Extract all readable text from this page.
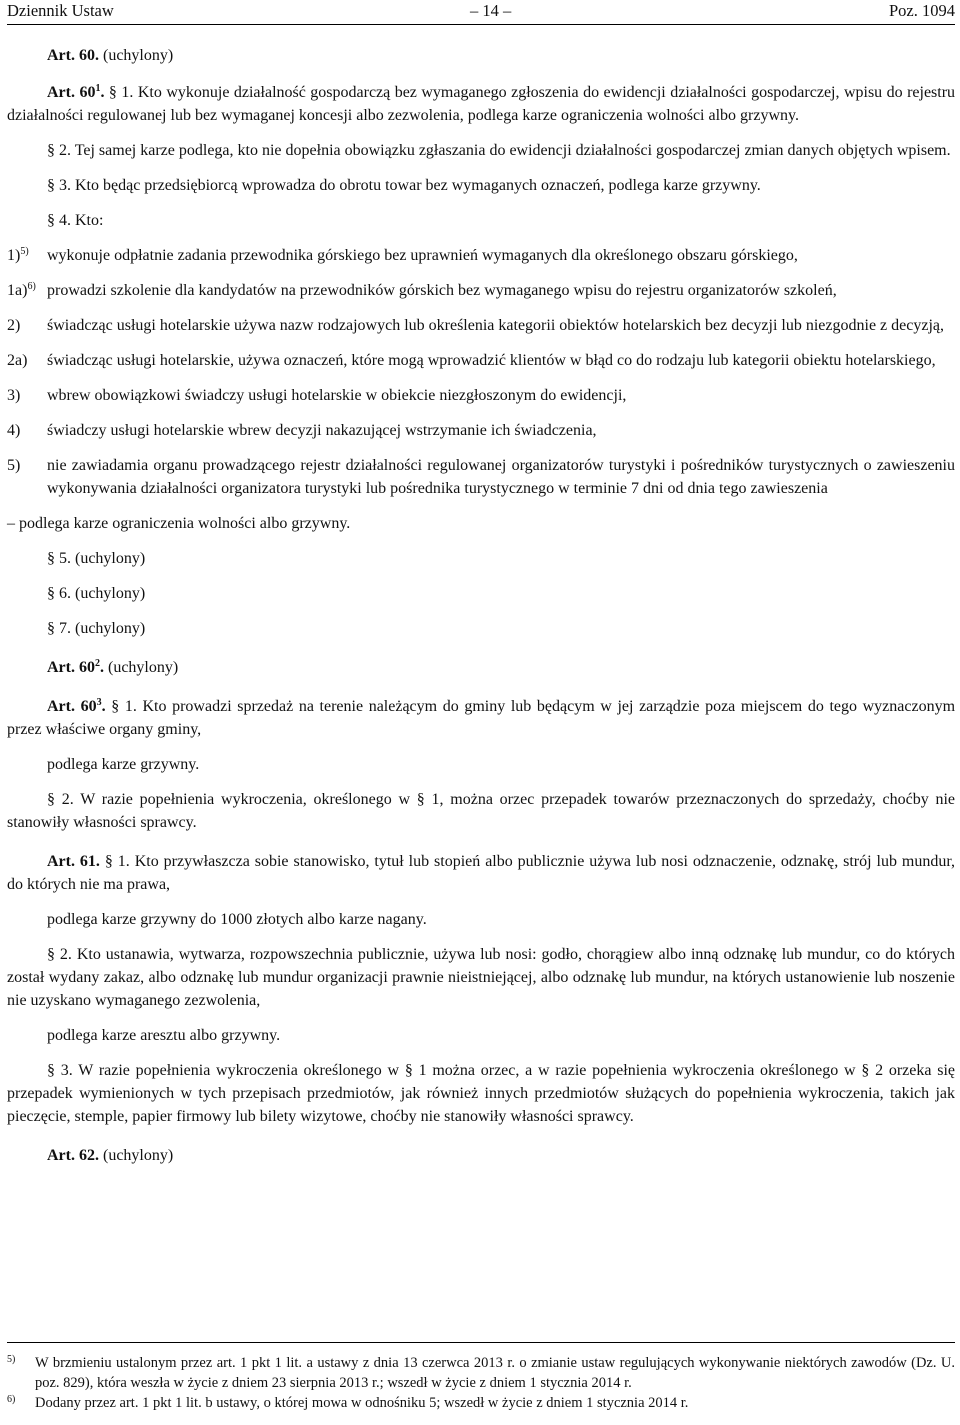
Dziennik Ustaw	– 14 –	Poz. 1094

Art. 60. (uchylony)

Art. $60^1$. § 1. Kto wykonuje działalność gospodarczą bez wymaganego zgłoszenia do ewidencji działalności gospodarczej, wpisu do rejestru działalności regulowanej lub bez wymaganej koncesji albo zezwolenia, podlega karze ograniczenia wolności albo grzywny.

§ 2. Tej samej karze podlega, kto nie dopełnia obowiązku zgłaszania do ewidencji działalności gospodarczej zmian danych objętych wpisem.

§ 3. Kto będąc przedsiębiorcą wprowadza do obrotu towar bez wymaganych oznaczeń, podlega karze grzywny.

§ 4. Kto:

1)$^{5)}$	wykonuje odpłatnie zadania przewodnika górskiego bez uprawnień wymaganych dla określonego obszaru górskiego,
1a)$^{6)}$ prowadzi szkolenie dla kandydatów na przewodników górskich bez wymaganego wpisu do rejestru organizatorów szkoleń,
2)	świadcząc usługi hotelarskie używa nazw rodzajowych lub określenia kategorii obiektów hotelarskich bez decyzji lub niezgodnie z decyzją,
2a)	świadcząc usługi hotelarskie, używa oznaczeń, które mogą wprowadzić klientów w błąd co do rodzaju lub kategorii obiektu hotelarskiego,
3)	wbrew obowiązkowi świadczy usługi hotelarskie w obiekcie niezgłoszonym do ewidencji,
4)	świadczy usługi hotelarskie wbrew decyzji nakazującej wstrzymanie ich świadczenia,
5)	nie zawiadamia organu prowadzącego rejestr działalności regulowanej organizatorów turystyki i pośredników turystycznych o zawieszeniu wykonywania działalności organizatora turystyki lub pośrednika turystycznego w terminie 7 dni od dnia tego zawieszenia

– podlega karze ograniczenia wolności albo grzywny.

§ 5. (uchylony)

§ 6. (uchylony)

§ 7. (uchylony)

Art. $60^2$. (uchylony)

Art. $60^3$. § 1. Kto prowadzi sprzedaż na terenie należącym do gminy lub będącym w jej zarządzie poza miejscem do tego wyznaczonym przez właściwe organy gminy,

podlega karze grzywny.

§ 2. W razie popełnienia wykroczenia, określonego w § 1, można orzec przepadek towarów przeznaczonych do sprzedaży, choćby nie stanowiły własności sprawcy.

Art. 61. § 1. Kto przywłaszcza sobie stanowisko, tytuł lub stopień albo publicznie używa lub nosi odznaczenie, odznakę, strój lub mundur, do których nie ma prawa,

podlega karze grzywny do 1000 złotych albo karze nagany.

§ 2. Kto ustanawia, wytwarza, rozpowszechnia publicznie, używa lub nosi: godło, chorągiew albo inną odznakę lub mundur, co do których został wydany zakaz, albo odznakę lub mundur organizacji prawnie nieistniejącej, albo odznakę lub mundur, na których ustanowienie lub noszenie nie uzyskano wymaganego zezwolenia,

podlega karze aresztu albo grzywny.

§ 3. W razie popełnienia wykroczenia określonego w § 1 można orzec, a w razie popełnienia wykroczenia określonego w § 2 orzeka się przepadek wymienionych w tych przepisach przedmiotów, jak również innych przedmiotów służących do popełnienia wykroczenia, takich jak pieczęcie, stemple, papier firmowy lub bilety wizytowe, choćby nie stanowiły własności sprawcy.

Art. 62. (uchylony)

5)	W brzmieniu ustalonym przez art. 1 pkt 1 lit. a ustawy z dnia 13 czerwca 2013 r. o zmianie ustaw regulujących wykonywanie niektórych zawodów (Dz. U. poz. 829), która weszła w życie z dniem 23 sierpnia 2013 r.; wszedł w życie z dniem 1 stycznia 2014 r.
6)	Dodany przez art. 1 pkt 1 lit. b ustawy, o której mowa w odnośniku 5; wszedł w życie z dniem 1 stycznia 2014 r.
